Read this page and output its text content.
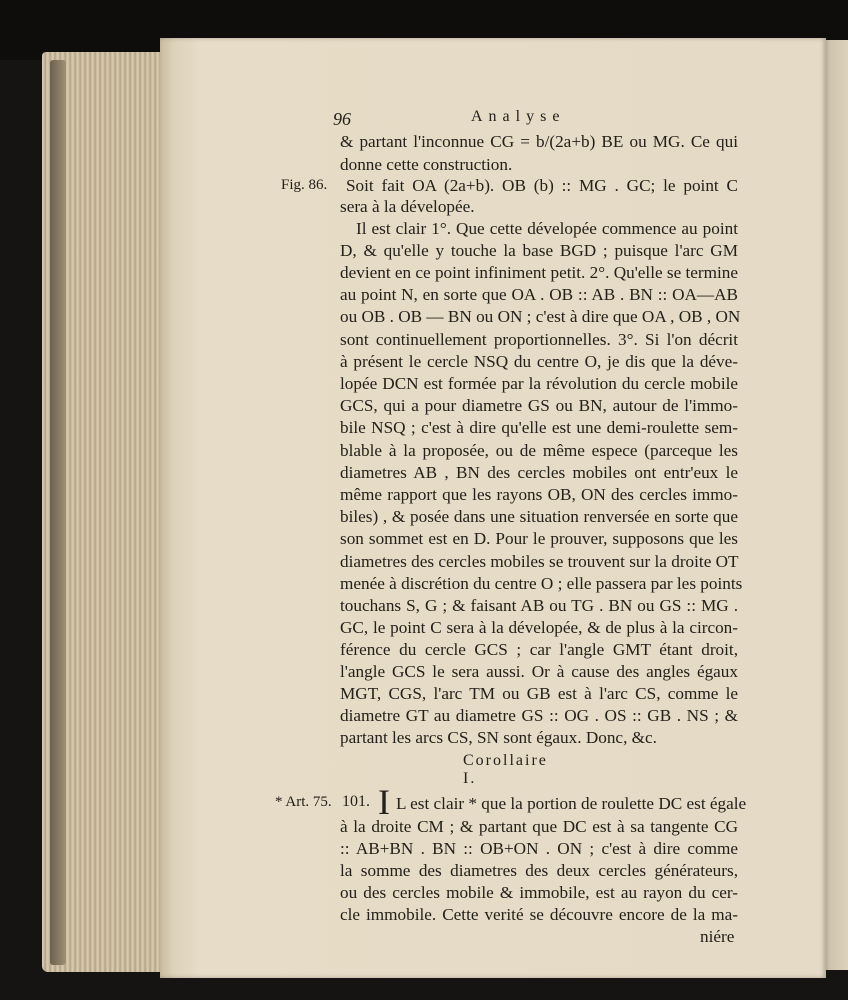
96	Analyse
& partant l'inconnue CG = b/(2a+b) BE ou MG. Ce qui
donne cette construction.
Fig. 86. Soit fait OA (2a+b). OB (b) :: MG . GC; le point C
sera à la dévelopée.
Il est clair 1°. Que cette dévelopée commence au point
D, & qu'elle y touche la base BGD ; puisque l'arc GM
devient en ce point infiniment petit. 2°. Qu'elle se termine
au point N, en sorte que OA . OB :: AB . BN :: OA—AB
ou OB . OB — BN ou ON ; c'est à dire que OA , OB , ON
sont continuellement proportionnelles. 3°. Si l'on décrit
à présent le cercle NSQ du centre O, je dis que la déve-
lopée DCN est formée par la révolution du cercle mobile
GCS, qui a pour diametre GS ou BN, autour de l'immo-
bile NSQ ; c'est à dire qu'elle est une demi-roulette sem-
blable à la proposée, ou de même espece (parceque les
diametres AB , BN des cercles mobiles ont entr'eux le
même rapport que les rayons OB, ON des cercles immo-
biles) , & posée dans une situation renversée en sorte que
son sommet est en D. Pour le prouver, supposons que les
diametres des cercles mobiles se trouvent sur la droite OT
menée à discrétion du centre O ; elle passera par les points
touchans S, G ; & faisant AB ou TG . BN ou GS :: MG .
GC, le point C sera à la dévelopée, & de plus à la circon-
férence du cercle GCS ; car l'angle GMT étant droit,
l'angle GCS le sera aussi. Or à cause des angles égaux
MGT, CGS, l'arc TM ou GB est à l'arc CS, comme le
diametre GT au diametre GS :: OG . OS :: GB . NS ; &
partant les arcs CS, SN sont égaux. Donc, &c.
Corollaire I.
* Art. 75. 101. I L est clair * que la portion de roulette DC est égale
à la droite CM ; & partant que DC est à sa tangente CG
:: AB+BN . BN :: OB+ON . ON ; c'est à dire comme
la somme des diametres des deux cercles générateurs,
ou des cercles mobile & immobile, est au rayon du cer-
cle immobile. Cette verité se découvre encore de la ma-
niére
